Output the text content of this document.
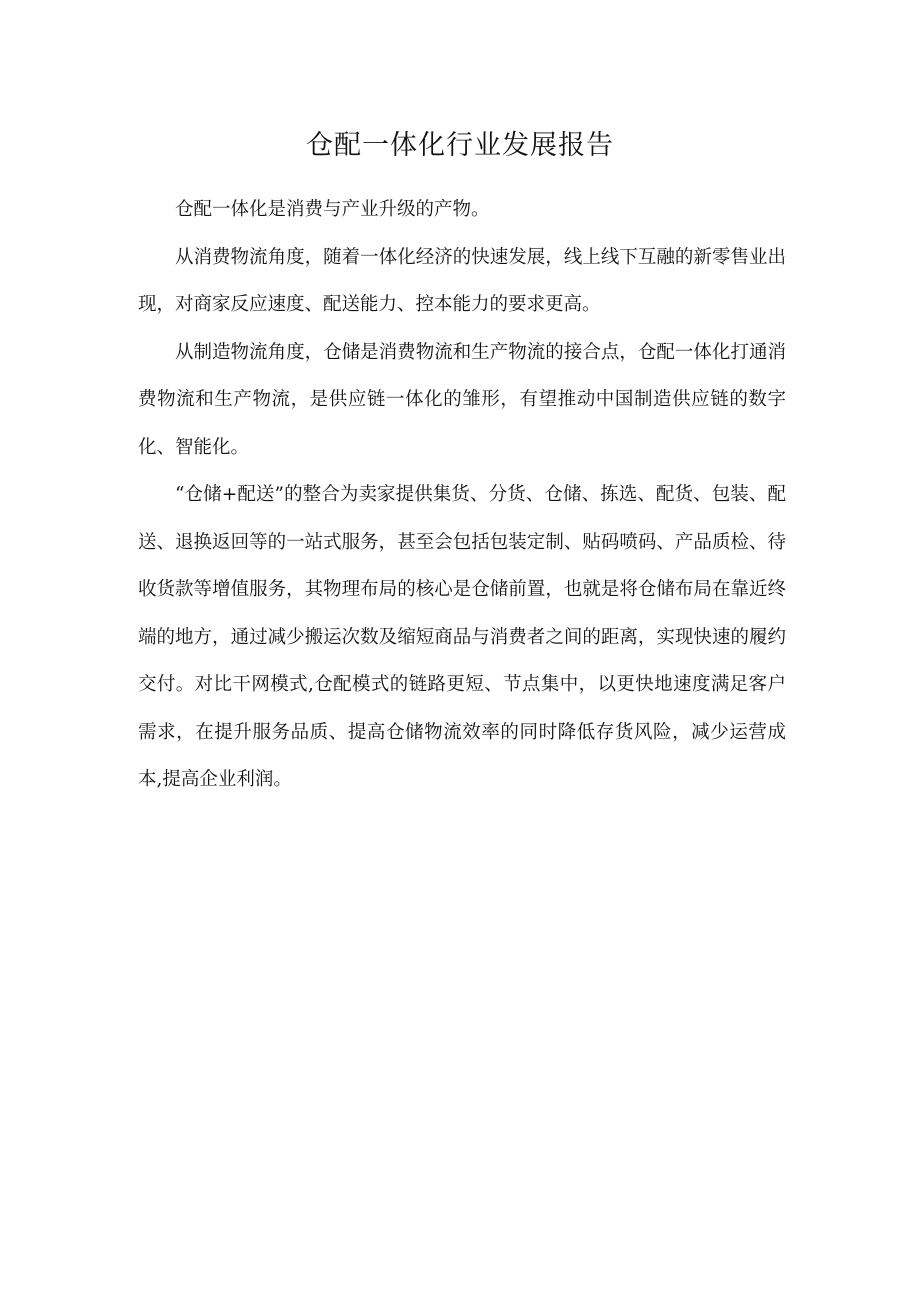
仓配一体化行业发展报告

仓配一体化是消费与产业升级的产物。

从消费物流角度，随着一体化经济的快速发展，线上线下互融的新零售业出现，对商家反应速度、配送能力、控本能力的要求更高。

从制造物流角度，仓储是消费物流和生产物流的接合点，仓配一体化打通消费物流和生产物流，是供应链一体化的雏形，有望推动中国制造供应链的数字化、智能化。

“仓储+配送”的整合为卖家提供集货、分货、仓储、拣选、配货、包装、配送、退换返回等的一站式服务，甚至会包括包装定制、贴码喷码、产品质检、待收货款等增值服务，其物理布局的核心是仓储前置，也就是将仓储布局在靠近终端的地方，通过减少搬运次数及缩短商品与消费者之间的距离，实现快速的履约交付。对比干网模式,仓配模式的链路更短、节点集中，以更快地速度满足客户需求，在提升服务品质、提高仓储物流效率的同时降低存货风险，减少运营成本,提高企业利润。
